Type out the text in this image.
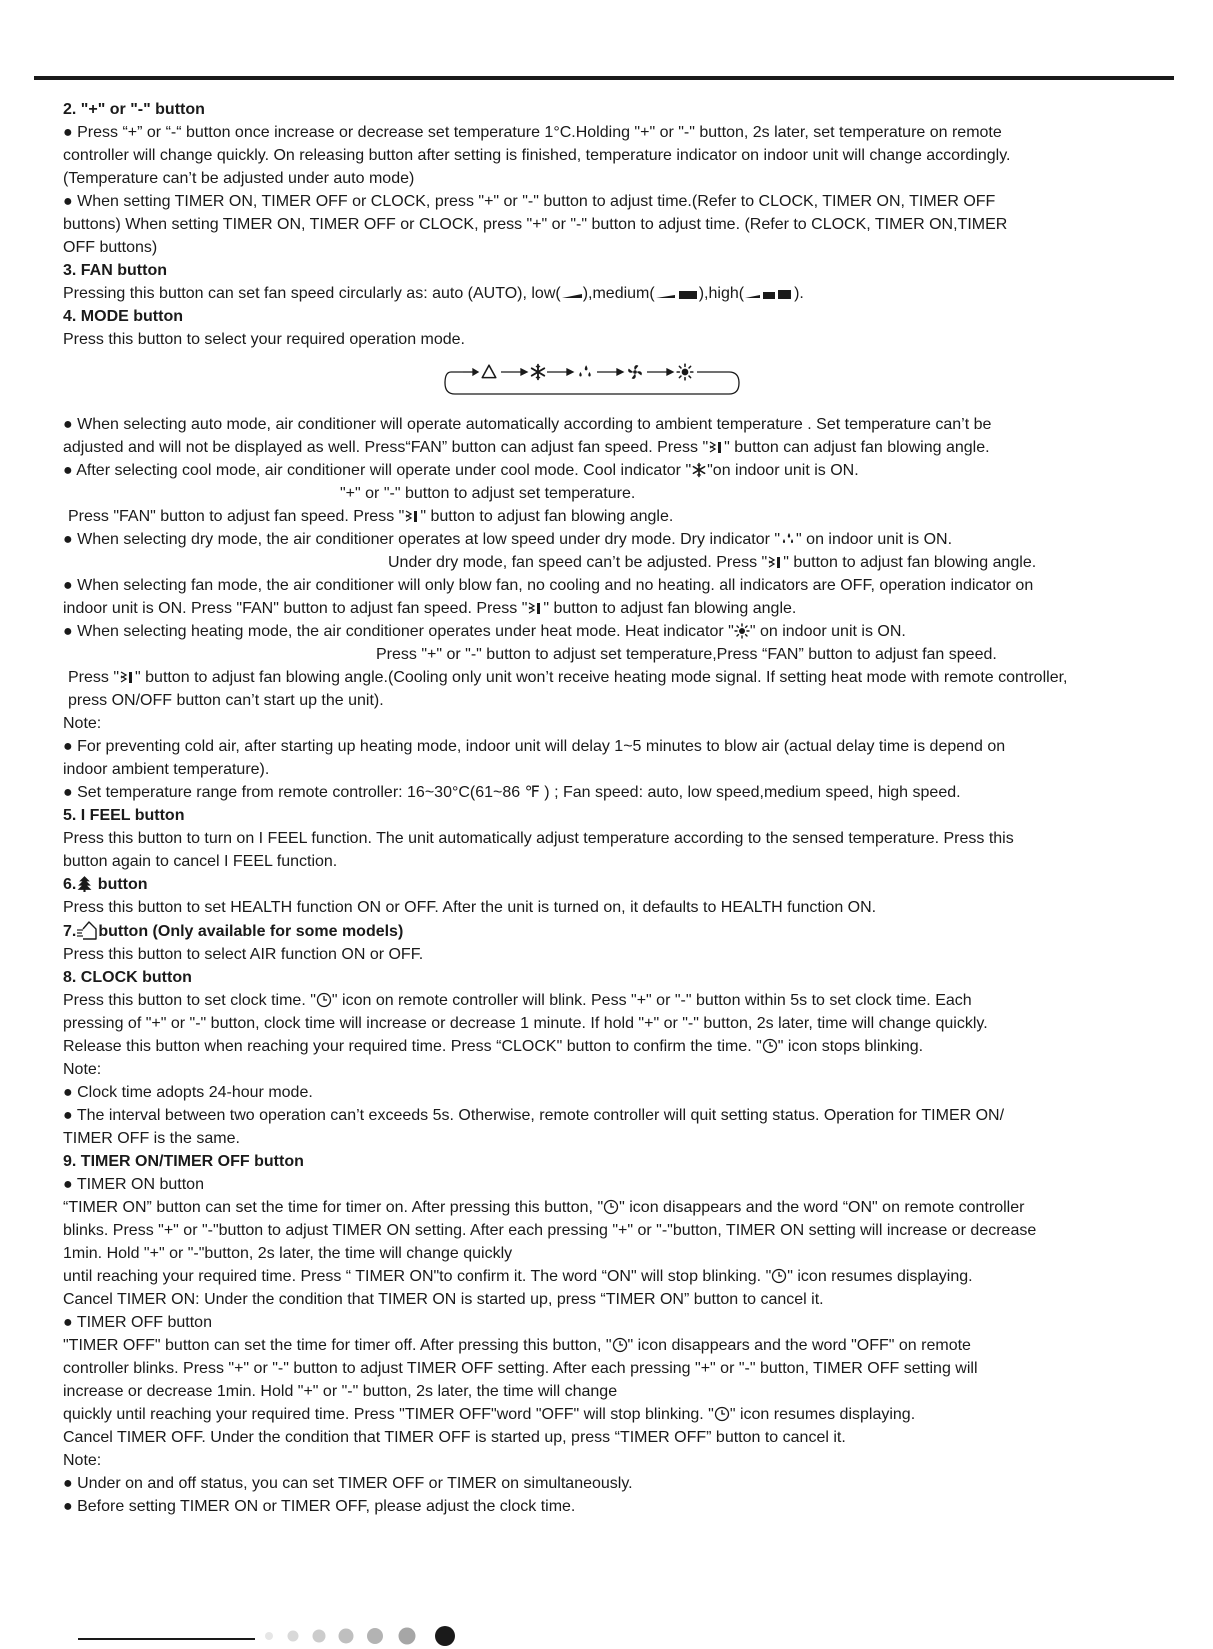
2. "+" or "-" button
● Press “+” or “-“ button once increase or decrease set temperature 1°C.Holding "+" or "-" button, 2s later, set temperature on remote
controller will change quickly. On releasing button after setting is finished, temperature indicator on indoor unit will change accordingly.
(Temperature can’t be adjusted under auto mode)
● When setting TIMER ON, TIMER OFF or CLOCK, press "+" or "-" button to adjust time.(Refer to CLOCK, TIMER ON, TIMER OFF
buttons) When setting TIMER ON, TIMER OFF or CLOCK, press "+" or "-" button to adjust time. (Refer to CLOCK, TIMER ON,TIMER
OFF buttons)
3. FAN button
Pressing this button can set fan speed circularly as: auto (AUTO), low( ),medium(	),high(	).
4. MODE button
Press this button to select your required operation mode.
● When selecting auto mode, air conditioner will operate automatically according to ambient temperature . Set temperature can’t be
adjusted and will not be displayed as well. Press“FAN” button can adjust fan speed. Press " " button can adjust fan blowing angle.
● After selecting cool mode, air conditioner will operate under cool mode. Cool indicator " "on indoor unit is ON.
"+" or "-" button to adjust set temperature.
Press "FAN" button to adjust fan speed. Press " " button to adjust fan blowing angle.
● When selecting dry mode, the air conditioner operates at low speed under dry mode. Dry indicator " " on indoor unit is ON.
Under dry mode, fan speed can’t be adjusted. Press " " button to adjust fan blowing angle.
● When selecting fan mode, the air conditioner will only blow fan, no cooling and no heating. all indicators are OFF, operation indicator on
indoor unit is ON. Press "FAN" button to adjust fan speed. Press " " button to adjust fan blowing angle.
● When selecting heating mode, the air conditioner operates under heat mode. Heat indicator " " on indoor unit is ON.
Press "+" or "-" button to adjust set temperature,Press “FAN” button to adjust fan speed.
Press " " button to adjust fan blowing angle.(Cooling only unit won’t receive heating mode signal. If setting heat mode with remote controller,
press ON/OFF button can’t start up the unit).
Note:
● For preventing cold air, after starting up heating mode, indoor unit will delay 1~5 minutes to blow air (actual delay time is depend on
indoor ambient temperature).
● Set temperature range from remote controller: 16~30°C(61~86 ℉ ) ; Fan speed: auto, low speed,medium speed, high speed.
5. I FEEL button
Press this button to turn on I FEEL function. The unit automatically adjust temperature according to the sensed temperature. Press this
button again to cancel I FEEL function.
6. button
Press this button to set HEALTH function ON or OFF. After the unit is turned on, it defaults to HEALTH function ON.
7. button (Only available for some models)
Press this button to select AIR function ON or OFF.
8. CLOCK button
Press this button to set clock time. " " icon on remote controller will blink. Pess "+" or "-" button within 5s to set clock time. Each
pressing of "+" or "-" button, clock time will increase or decrease 1 minute. If hold "+" or "-" button, 2s later, time will change quickly.
Release this button when reaching your required time. Press “CLOCK" button to confirm the time. " " icon stops blinking.
Note:
● Clock time adopts 24-hour mode.
● The interval between two operation can’t exceeds 5s. Otherwise, remote controller will quit setting status. Operation for TIMER ON/
TIMER OFF is the same.
9. TIMER ON/TIMER OFF button
● TIMER ON button
“TIMER ON” button can set the time for timer on. After pressing this button, " " icon disappears and the word “ON" on remote controller
blinks. Press "+" or "-"button to adjust TIMER ON setting. After each pressing "+" or "-"button, TIMER ON setting will increase or decrease
1min. Hold "+" or "-"button, 2s later, the time will change quickly
until reaching your required time. Press “ TIMER ON"to confirm it. The word “ON" will stop blinking. " " icon resumes displaying.
Cancel TIMER ON: Under the condition that TIMER ON is started up, press “TIMER ON” button to cancel it.
● TIMER OFF button
"TIMER OFF" button can set the time for timer off. After pressing this button, " " icon disappears and the word "OFF" on remote
controller blinks. Press "+" or "-" button to adjust TIMER OFF setting. After each pressing "+" or "-" button, TIMER OFF setting will
increase or decrease 1min. Hold "+" or "-" button, 2s later, the time will change
quickly until reaching your required time. Press "TIMER OFF"word "OFF" will stop blinking. " " icon resumes displaying.
Cancel TIMER OFF. Under the condition that TIMER OFF is started up, press “TIMER OFF” button to cancel it.
Note:
● Under on and off status, you can set TIMER OFF or TIMER on simultaneously.
● Before setting TIMER ON or TIMER OFF, please adjust the clock time.
